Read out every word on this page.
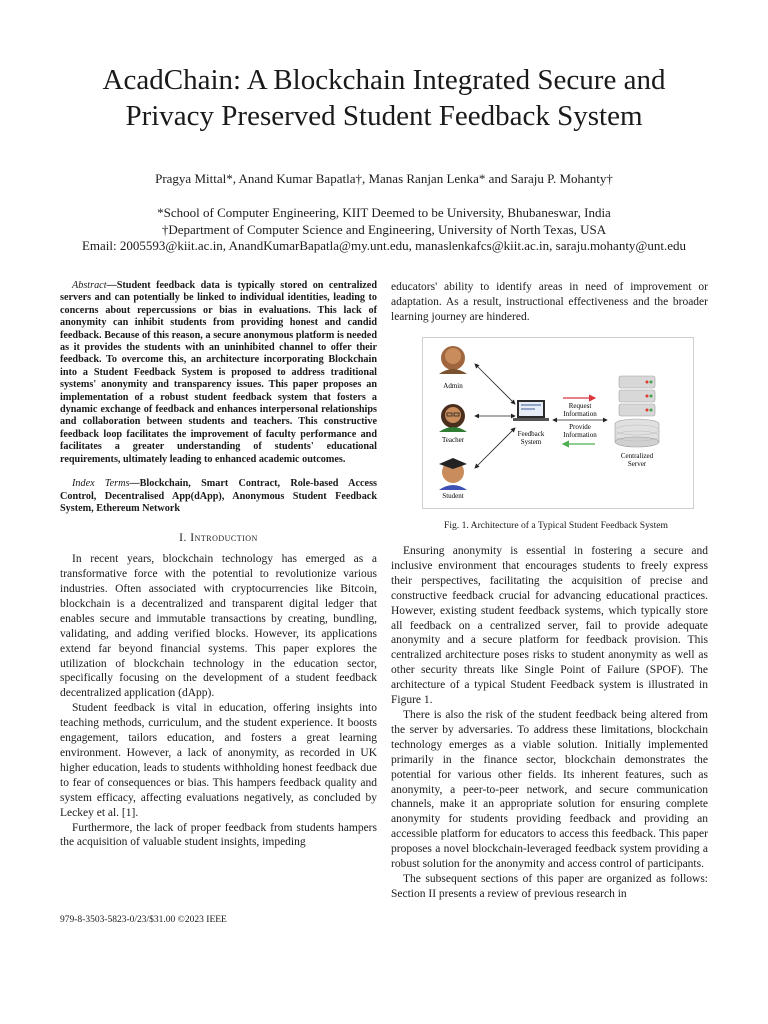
AcadChain: A Blockchain Integrated Secure and
Privacy Preserved Student Feedback System
Pragya Mittal*, Anand Kumar Bapatla†, Manas Ranjan Lenka* and Saraju P. Mohanty†
*School of Computer Engineering, KIIT Deemed to be University, Bhubaneswar, India
†Department of Computer Science and Engineering, University of North Texas, USA
Email: 2005593@kiit.ac.in, AnandKumarBapatla@my.unt.edu, manaslenkafcs@kiit.ac.in, saraju.mohanty@unt.edu

Abstract—Student feedback data is typically stored on centralized servers and can potentially be linked to individual identities, leading to concerns about repercussions or bias in evaluations. This lack of anonymity can inhibit students from providing honest and candid feedback. Because of this reason, a secure anonymous platform is needed as it provides the students with an uninhibited channel to offer their feedback. To overcome this, an architecture incorporating Blockchain into a Student Feedback System is proposed to address traditional systems' anonymity and transparency issues. This paper proposes an implementation of a robust student feedback system that fosters a dynamic exchange of feedback and enhances interpersonal relationships and collaboration between students and teachers. This constructive feedback loop facilitates the improvement of faculty performance and facilitates a greater understanding of students' educational requirements, ultimately leading to enhanced academic outcomes.

Index Terms—Blockchain, Smart Contract, Role-based Access Control, Decentralised App(dApp), Anonymous Student Feedback System, Ethereum Network

I. Introduction

In recent years, blockchain technology has emerged as a transformative force with the potential to revolutionize various industries. Often associated with cryptocurrencies like Bitcoin, blockchain is a decentralized and transparent digital ledger that enables secure and immutable transactions by creating, bundling, validating, and adding verified blocks. However, its applications extend far beyond financial systems. This paper explores the utilization of blockchain technology in the education sector, specifically focusing on the development of a student feedback decentralized application (dApp).

Student feedback is vital in education, offering insights into teaching methods, curriculum, and the student experience. It boosts engagement, tailors education, and fosters a great learning environment. However, a lack of anonymity, as recorded in UK higher education, leads to students withholding honest feedback due to fear of consequences or bias. This hampers feedback quality and system efficacy, affecting evaluations negatively, as concluded by Leckey et al. [1].

Furthermore, the lack of proper feedback from students hampers the acquisition of valuable student insights, impeding

979-8-3503-5823-0/23/$31.00 ©2023 IEEE

educators' ability to identify areas in need of improvement or adaptation. As a result, instructional effectiveness and the broader learning journey are hindered.

Admin
Teacher
Student
Feedback
System
Request
Information
Provide
Information
Centralized
Server
Fig. 1. Architecture of a Typical Student Feedback System

Ensuring anonymity is essential in fostering a secure and inclusive environment that encourages students to freely express their perspectives, facilitating the acquisition of precise and constructive feedback crucial for advancing educational practices. However, existing student feedback systems, which typically store all feedback on a centralized server, fail to provide adequate anonymity and a secure platform for feedback provision. This centralized architecture poses risks to student anonymity as well as other security threats like Single Point of Failure (SPOF). The architecture of a typical Student Feedback system is illustrated in Figure 1.

There is also the risk of the student feedback being altered from the server by adversaries. To address these limitations, blockchain technology emerges as a viable solution. Initially implemented primarily in the finance sector, blockchain demonstrates the potential for various other fields. Its inherent features, such as anonymity, a peer-to-peer network, and secure communication channels, make it an appropriate solution for ensuring complete anonymity for students providing feedback and providing an accessible platform for educators to access this feedback. This paper proposes a novel blockchain-leveraged feedback system providing a robust solution for the anonymity and access control of participants.

The subsequent sections of this paper are organized as follows: Section II presents a review of previous research in
